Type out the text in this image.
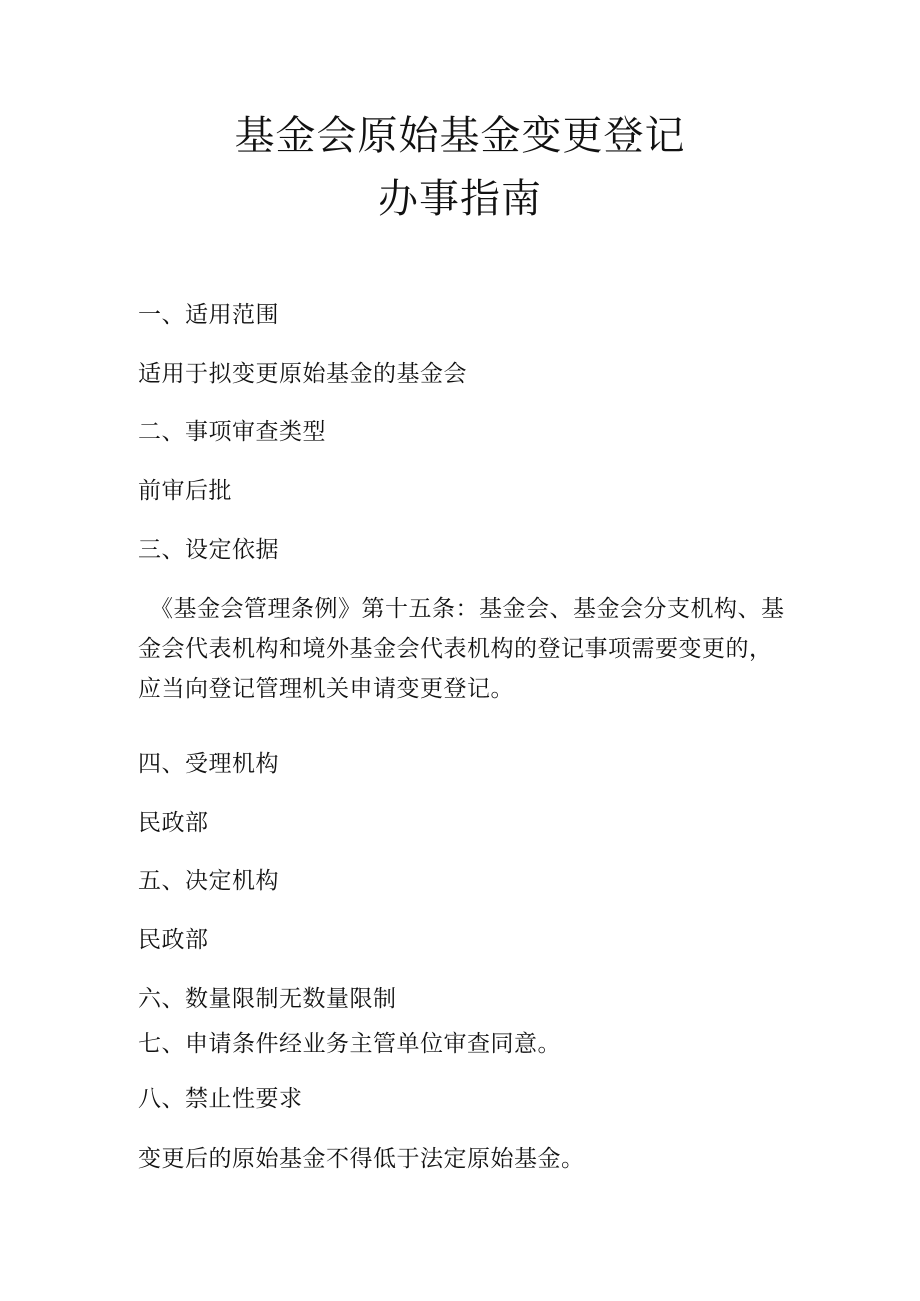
基金会原始基金变更登记
办事指南
一、适用范围
适用于拟变更原始基金的基金会
二、事项审查类型
前审后批
三、设定依据
《基金会管理条例》第十五条：基金会、基金会分支机构、基
金会代表机构和境外基金会代表机构的登记事项需要变更的，
应当向登记管理机关申请变更登记。
四、受理机构
民政部
五、决定机构
民政部
六、数量限制无数量限制
七、申请条件经业务主管单位审查同意。
八、禁止性要求
变更后的原始基金不得低于法定原始基金。
